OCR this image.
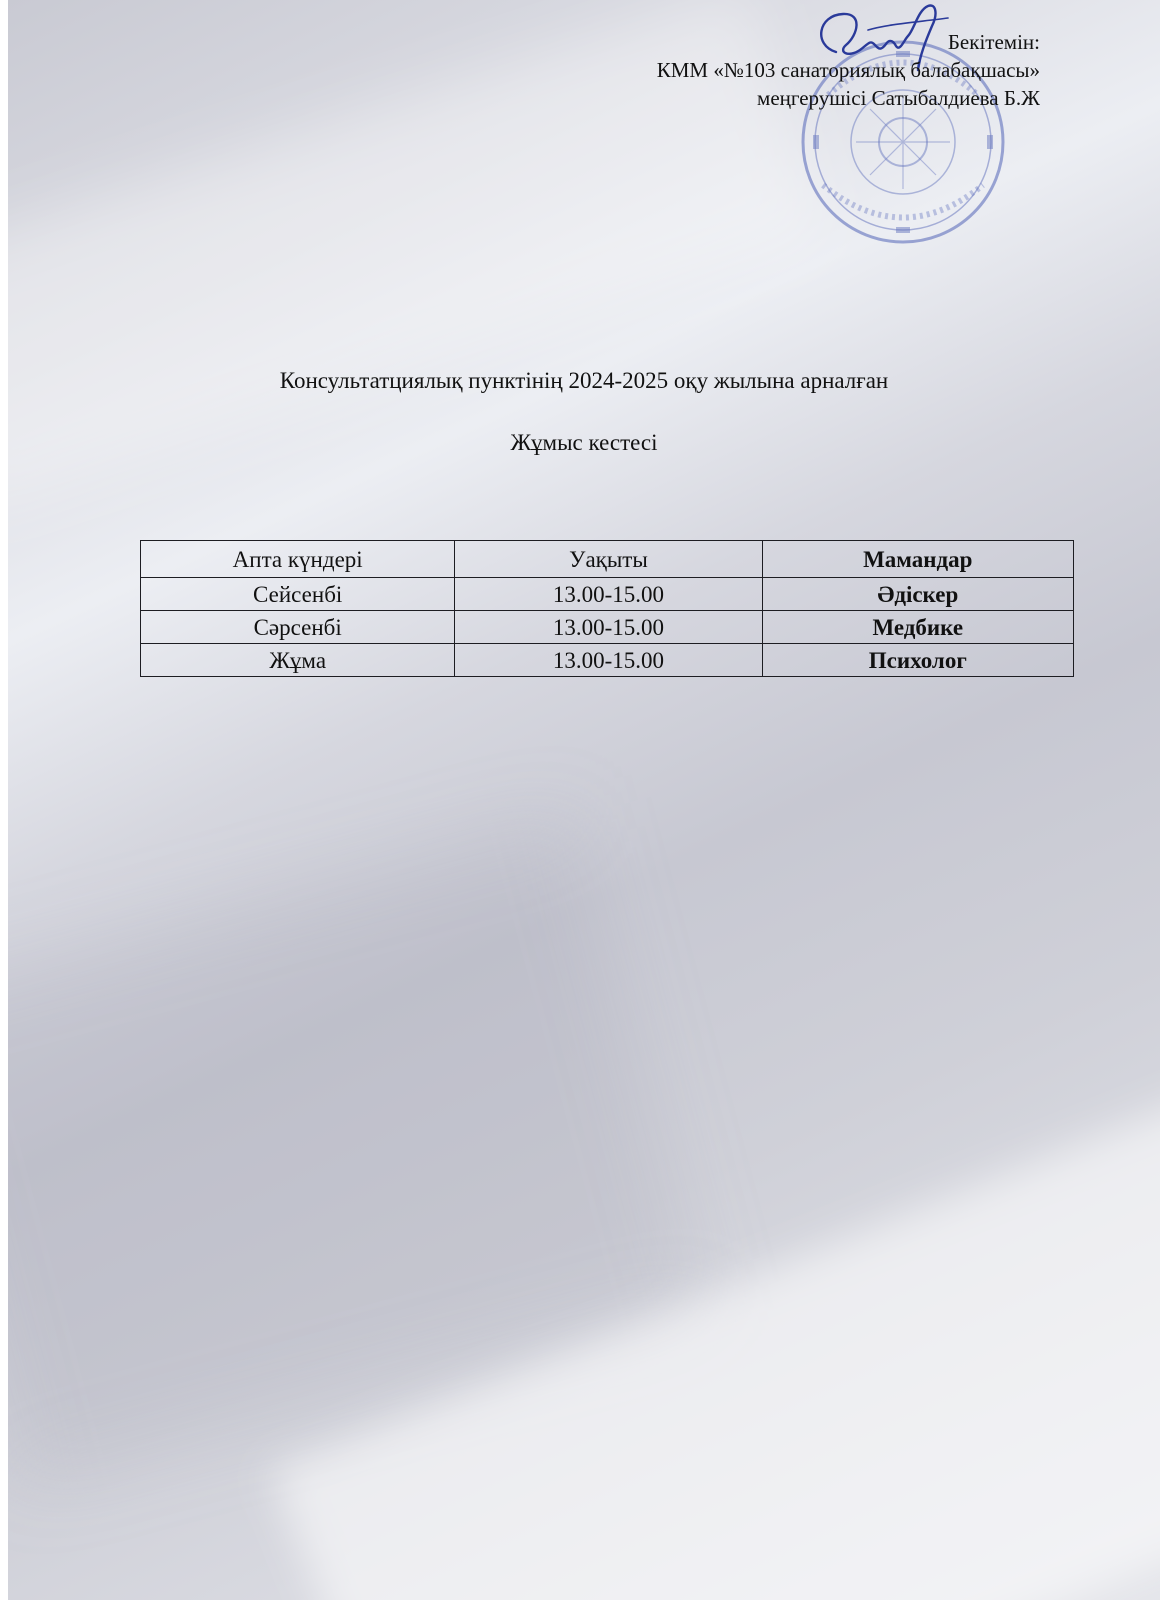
Бекітемін:
КММ «№103 санаториялық балабақшасы»
меңгерушісі Сатыбалдиева Б.Ж
Консультатциялық пунктінің 2024-2025 оқу жылына арналған
Жұмыс кестесі
Апта күндері	Уақыты	Мамандар
Сейсенбі	13.00-15.00	Әдіскер
Сәрсенбі	13.00-15.00	Медбике
Жұма	13.00-15.00	Психолог
